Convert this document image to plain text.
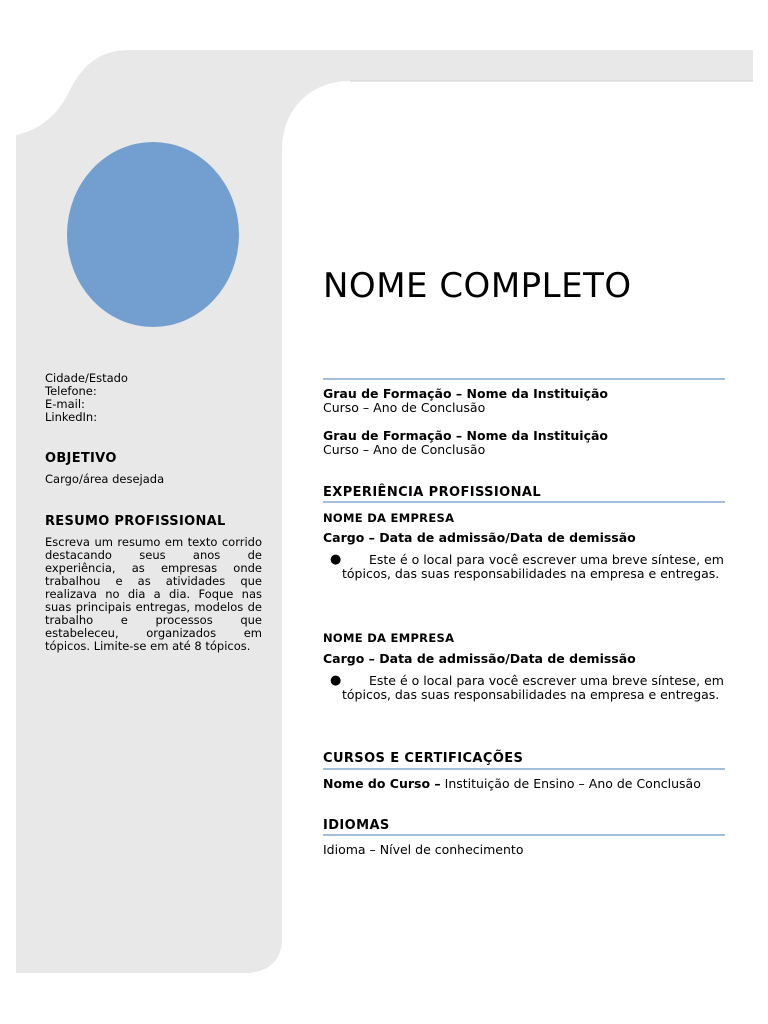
Cidade/Estado
Telefone:
E-mail:
LinkedIn:
OBJETIVO
Cargo/área desejada
RESUMO PROFISSIONAL
Escreva um resumo em texto corrido destacando seus anos de experiência, as empresas onde trabalhou e as atividades que realizava no dia a dia. Foque nas suas principais entregas, modelos de trabalho e processos que estabeleceu, organizados em tópicos. Limite-se em até 8 tópicos.
NOME COMPLETO
Grau de Formação – Nome da Instituição
Curso – Ano de Conclusão
Grau de Formação – Nome da Instituição
Curso – Ano de Conclusão
EXPERIÊNCIA PROFISSIONAL
NOME DA EMPRESA
Cargo – Data de admissão/Data de demissão
●	Este é o local para você escrever uma breve síntese, em tópicos, das suas responsabilidades na empresa e entregas.
NOME DA EMPRESA
Cargo – Data de admissão/Data de demissão
●	Este é o local para você escrever uma breve síntese, em tópicos, das suas responsabilidades na empresa e entregas.
CURSOS E CERTIFICAÇÕES
Nome do Curso – Instituição de Ensino – Ano de Conclusão
IDIOMAS
Idioma – Nível de conhecimento
